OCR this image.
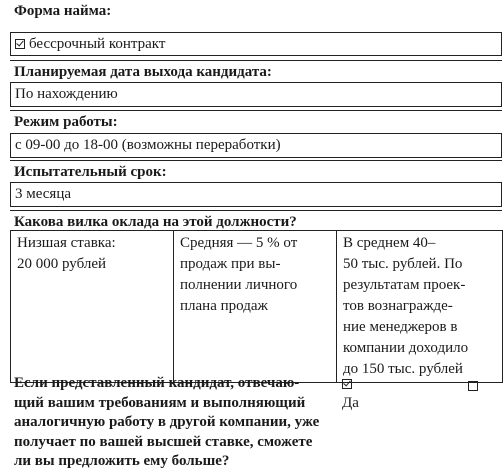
Форма найма:
бессрочный контракт
Планируемая дата выхода кандидата:
По нахождению
Режим работы:
с 09-00 до 18-00 (возможны переработки)
Испытательный срок:
3 месяца
Какова вилка оклада на этой должности?
Низшая ставка:
20 000 рублей

Средняя — 5 % от
продаж при вы-
полнении личного
плана продаж

В среднем 40–
50 тыс. рублей. По
результатам проек-
тов вознагражде-
ние менеджеров в
компании доходило
до 150 тыс. рублей
Если представленный кандидат, отвечаю-
щий вашим требованиям и выполняющий
аналогичную работу в другой компании, уже
получает по вашей высшей ставке, сможете
ли вы предложить ему больше?
Да
